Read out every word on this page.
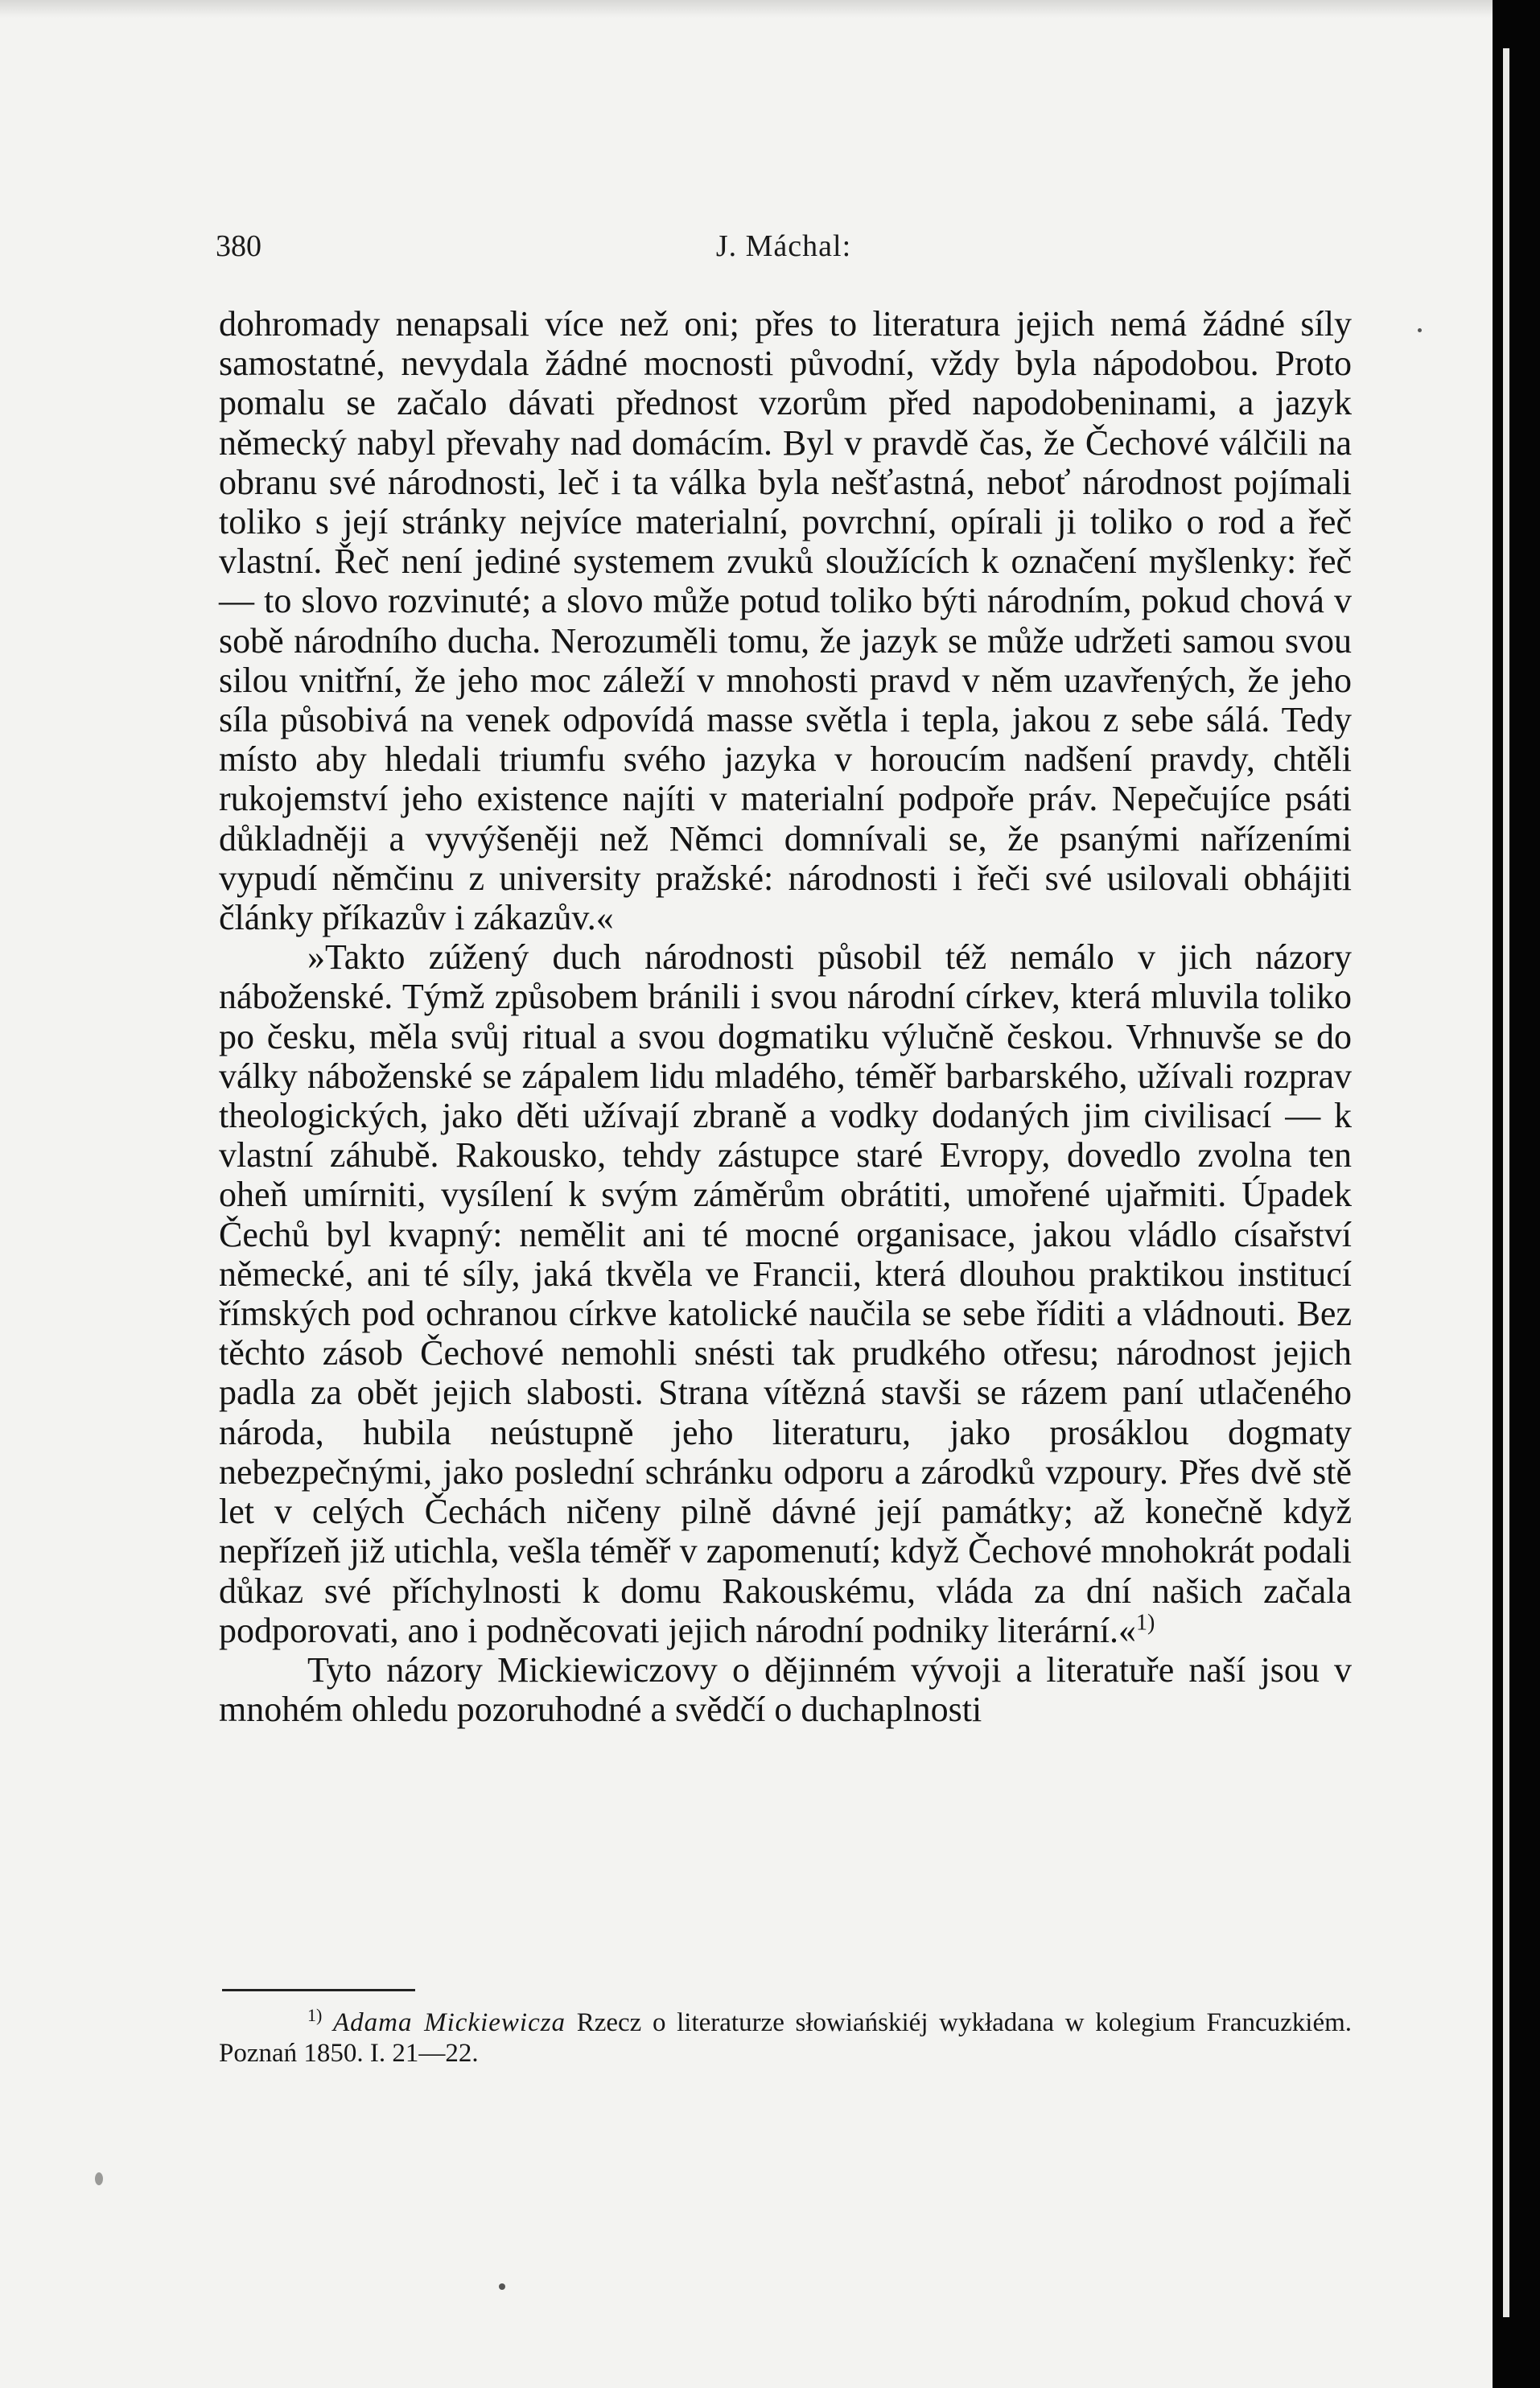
380	J. Máchal:

dohromady nenapsali více než oni; přes to literatura jejich nemá žádné síly samostatné, nevydala žádné mocnosti původní, vždy byla nápodobou. Proto pomalu se začalo dávati přednost vzorům před napodobeninami, a jazyk německý nabyl převahy nad domácím. Byl v pravdě čas, že Čechové válčili na obranu své národnosti, leč i ta válka byla nešťastná, neboť národnost pojímali toliko s její stránky nejvíce materialní, povrchní, opírali ji toliko o rod a řeč vlastní. Řeč není jediné systemem zvuků sloužících k označení myšlenky: řeč — to slovo rozvinuté; a slovo může potud toliko býti národním, pokud chová v sobě národního ducha. Nerozuměli tomu, že jazyk se může udržeti samou svou silou vnitřní, že jeho moc záleží v mnohosti pravd v něm uzavřených, že jeho síla působivá na venek odpovídá masse světla i tepla, jakou z sebe sálá. Tedy místo aby hledali triumfu svého jazyka v horoucím nadšení pravdy, chtěli rukojemství jeho existence najíti v materialní podpoře práv. Nepečujíce psáti důkladněji a vyvýšeněji než Němci domnívali se, že psanými nařízeními vypudí němčinu z university pražské: národnosti i řeči své usilovali obhájiti články příkazův i zákazův.«

»Takto zúžený duch národnosti působil též nemálo v jich názory náboženské. Týmž způsobem bránili i svou národní církev, která mluvila toliko po česku, měla svůj ritual a svou dogmatiku výlučně českou. Vrhnuvše se do války náboženské se zápalem lidu mladého, téměř barbarského, užívali rozprav theologických, jako děti užívají zbraně a vodky dodaných jim civilisací — k vlastní záhubě. Rakousko, tehdy zástupce staré Evropy, dovedlo zvolna ten oheň umírniti, vysílení k svým záměrům obrátiti, umořené ujařmiti. Úpadek Čechů byl kvapný: nemělit ani té mocné organisace, jakou vládlo císařství německé, ani té síly, jaká tkvěla ve Francii, která dlouhou praktikou institucí římských pod ochranou církve katolické naučila se sebe říditi a vládnouti. Bez těchto zásob Čechové nemohli snésti tak prudkého otřesu; národnost jejich padla za obět jejich slabosti. Strana vítězná stavši se rázem paní utlačeného národa, hubila neústupně jeho literaturu, jako prosáklou dogmaty nebezpečnými, jako poslední schránku odporu a zárodků vzpoury. Přes dvě stě let v celých Čechách ničeny pilně dávné její památky; až konečně když nepřízeň již utichla, vešla téměř v zapomenutí; když Čechové mnohokrát podali důkaz své příchylnosti k domu Rakouskému, vláda za dní našich začala podporovati, ano i podněcovati jejich národní podniky literární.«$^{1)}$

Tyto názory Mickiewiczovy o dějinném vývoji a literatuře naší jsou v mnohém ohledu pozoruhodné a svědčí o duchaplnosti

$^{1)}$ Adama Mickiewicza Rzecz o literaturze słowiańskiéj wykładana w kolegium Francuzkiém. Poznań 1850. I. 21—22.
